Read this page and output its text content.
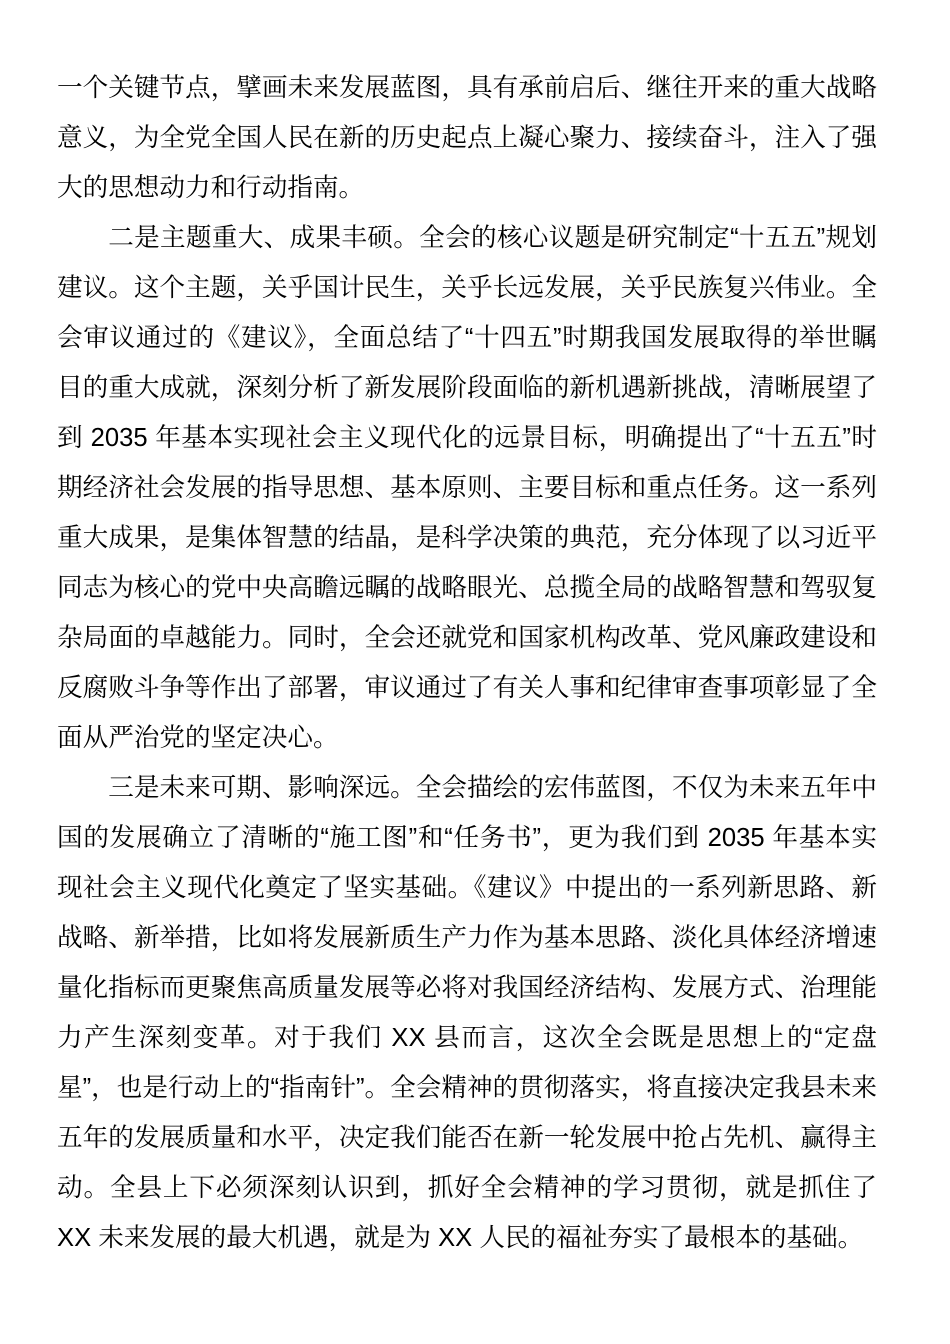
一个关键节点，擘画未来发展蓝图，具有承前启后、继往开来的重大战略意义，为全党全国人民在新的历史起点上凝心聚力、接续奋斗，注入了强大的思想动力和行动指南。

二是主题重大、成果丰硕。全会的核心议题是研究制定“十五五”规划建议。这个主题，关乎国计民生，关乎长远发展，关乎民族复兴伟业。全会审议通过的《建议》，全面总结了“十四五”时期我国发展取得的举世瞩目的重大成就，深刻分析了新发展阶段面临的新机遇新挑战，清晰展望了到 2035 年基本实现社会主义现代化的远景目标，明确提出了“十五五”时期经济社会发展的指导思想、基本原则、主要目标和重点任务。这一系列重大成果，是集体智慧的结晶，是科学决策的典范，充分体现了以习近平同志为核心的党中央高瞻远瞩的战略眼光、总揽全局的战略智慧和驾驭复杂局面的卓越能力。同时，全会还就党和国家机构改革、党风廉政建设和反腐败斗争等作出了部署，审议通过了有关人事和纪律审查事项彰显了全面从严治党的坚定决心。

三是未来可期、影响深远。全会描绘的宏伟蓝图，不仅为未来五年中国的发展确立了清晰的“施工图”和“任务书”，更为我们到 2035 年基本实现社会主义现代化奠定了坚实基础。《建议》中提出的一系列新思路、新战略、新举措，比如将发展新质生产力作为基本思路、淡化具体经济增速量化指标而更聚焦高质量发展等必将对我国经济结构、发展方式、治理能力产生深刻变革。对于我们 XX 县而言，这次全会既是思想上的“定盘星”，也是行动上的“指南针”。全会精神的贯彻落实，将直接决定我县未来五年的发展质量和水平，决定我们能否在新一轮发展中抢占先机、赢得主动。全县上下必须深刻认识到，抓好全会精神的学习贯彻，就是抓住了 XX 未来发展的最大机遇，就是为 XX 人民的福祉夯实了最根本的基础。
